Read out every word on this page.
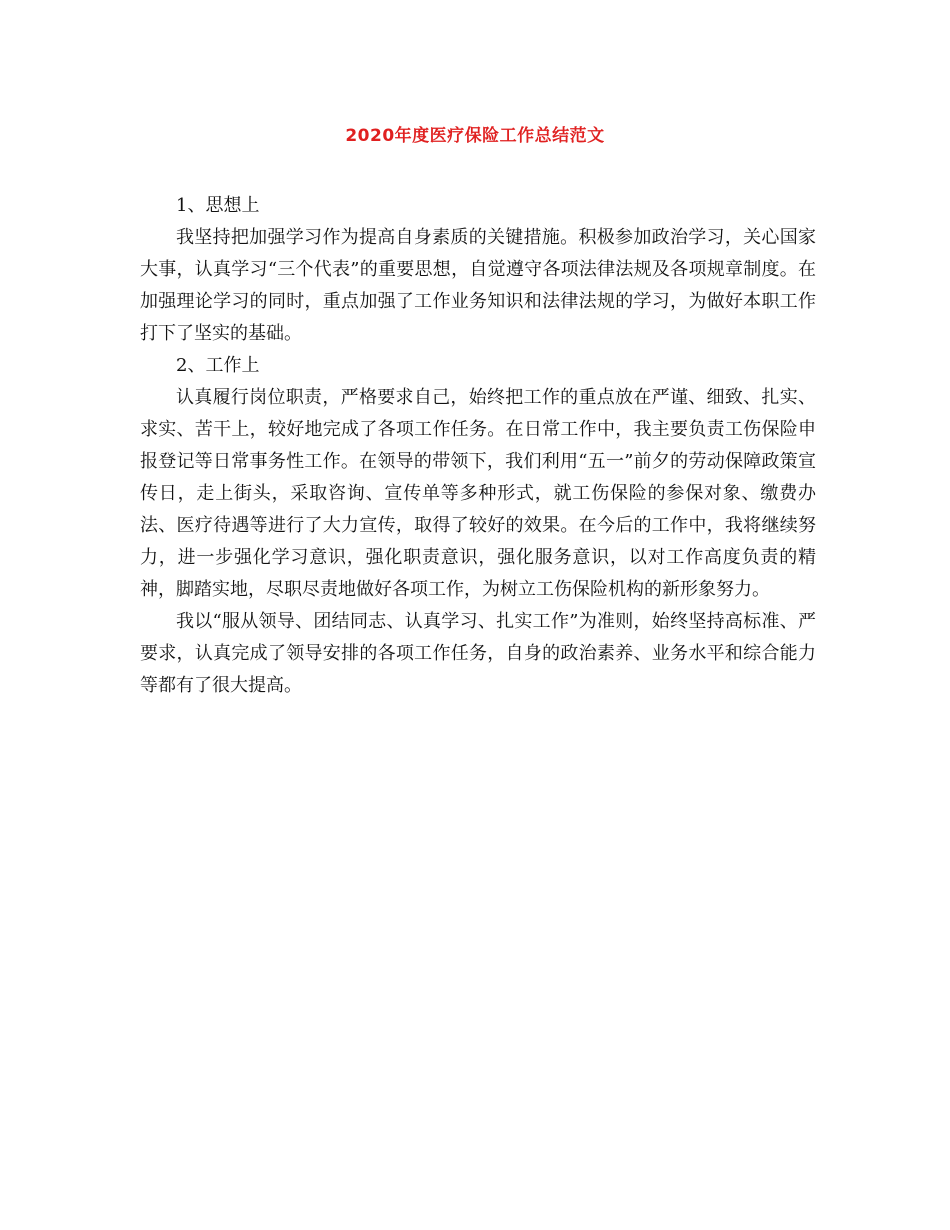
2020年度医疗保险工作总结范文

1、思想上

我坚持把加强学习作为提高自身素质的关键措施。积极参加政治学习，关心国家大事，认真学习“三个代表”的重要思想，自觉遵守各项法律法规及各项规章制度。在加强理论学习的同时，重点加强了工作业务知识和法律法规的学习，为做好本职工作打下了坚实的基础。

2、工作上

认真履行岗位职责，严格要求自己，始终把工作的重点放在严谨、细致、扎实、求实、苦干上，较好地完成了各项工作任务。在日常工作中，我主要负责工伤保险申报登记等日常事务性工作。在领导的带领下，我们利用“五一”前夕的劳动保障政策宣传日，走上街头，采取咨询、宣传单等多种形式，就工伤保险的参保对象、缴费办法、医疗待遇等进行了大力宣传，取得了较好的效果。在今后的工作中，我将继续努力，进一步强化学习意识，强化职责意识，强化服务意识，以对工作高度负责的精神，脚踏实地，尽职尽责地做好各项工作，为树立工伤保险机构的新形象努力。

我以“服从领导、团结同志、认真学习、扎实工作”为准则，始终坚持高标准、严要求，认真完成了领导安排的各项工作任务，自身的政治素养、业务水平和综合能力等都有了很大提高。
